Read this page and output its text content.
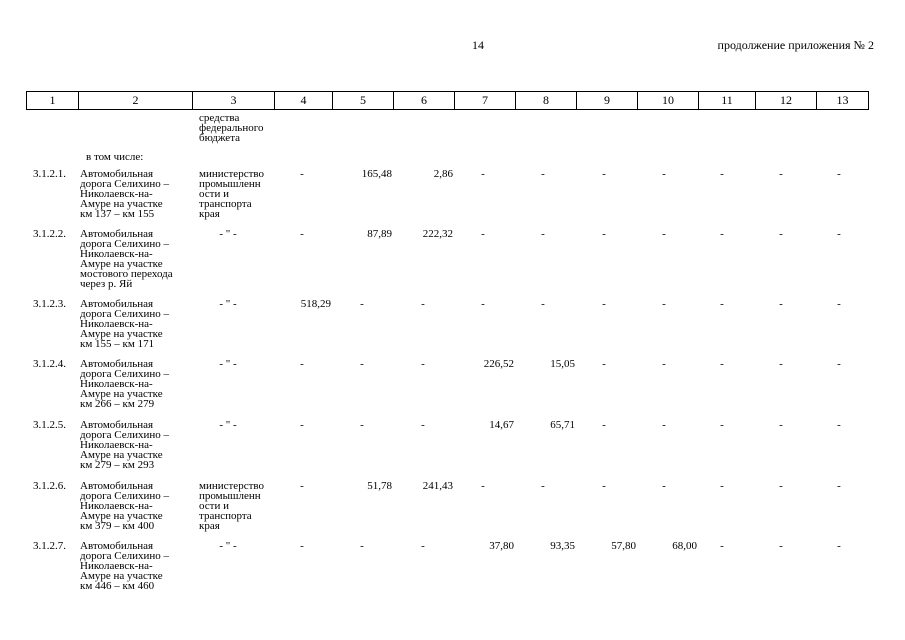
14	продолжение приложения № 2
1	2	3	4	5	6	7	8	9	10	11	12	13
средства
федерального
бюджета
в том числе:
3.1.2.1. Автомобильная
дорога Селихино –
Николаевск-на-
Амуре на участке
км 137 – км 155
министерство
промышленн
ости и
транспорта
края
-	165,48	2,86	-	-	-	-	-	-	-
3.1.2.2. Автомобильная
дорога Селихино –
Николаевск-на-
Амуре на участке
мостового перехода
через р. Яй
- " -	-	87,89	222,32	-	-	-	-	-	-	-
3.1.2.3. Автомобильная
дорога Селихино –
Николаевск-на-
Амуре на участке
км 155 – км 171
- " -	518,29	-	-	-	-	-	-	-	-	-
3.1.2.4. Автомобильная
дорога Селихино –
Николаевск-на-
Амуре на участке
км 266 – км 279
- " -	-	-	-	226,52	15,05	-	-	-	-	-
3.1.2.5. Автомобильная
дорога Селихино –
Николаевск-на-
Амуре на участке
км 279 – км 293
- " -	-	-	-	14,67	65,71	-	-	-	-	-
3.1.2.6. Автомобильная
дорога Селихино –
Николаевск-на-
Амуре на участке
км 379 – км 400
министерство
промышленн
ости и
транспорта
края
-	51,78	241,43	-	-	-	-	-	-	-
3.1.2.7. Автомобильная
дорога Селихино –
Николаевск-на-
Амуре на участке
км 446 – км 460
- " -	-	-	-	37,80	93,35	57,80	68,00	-	-	-
